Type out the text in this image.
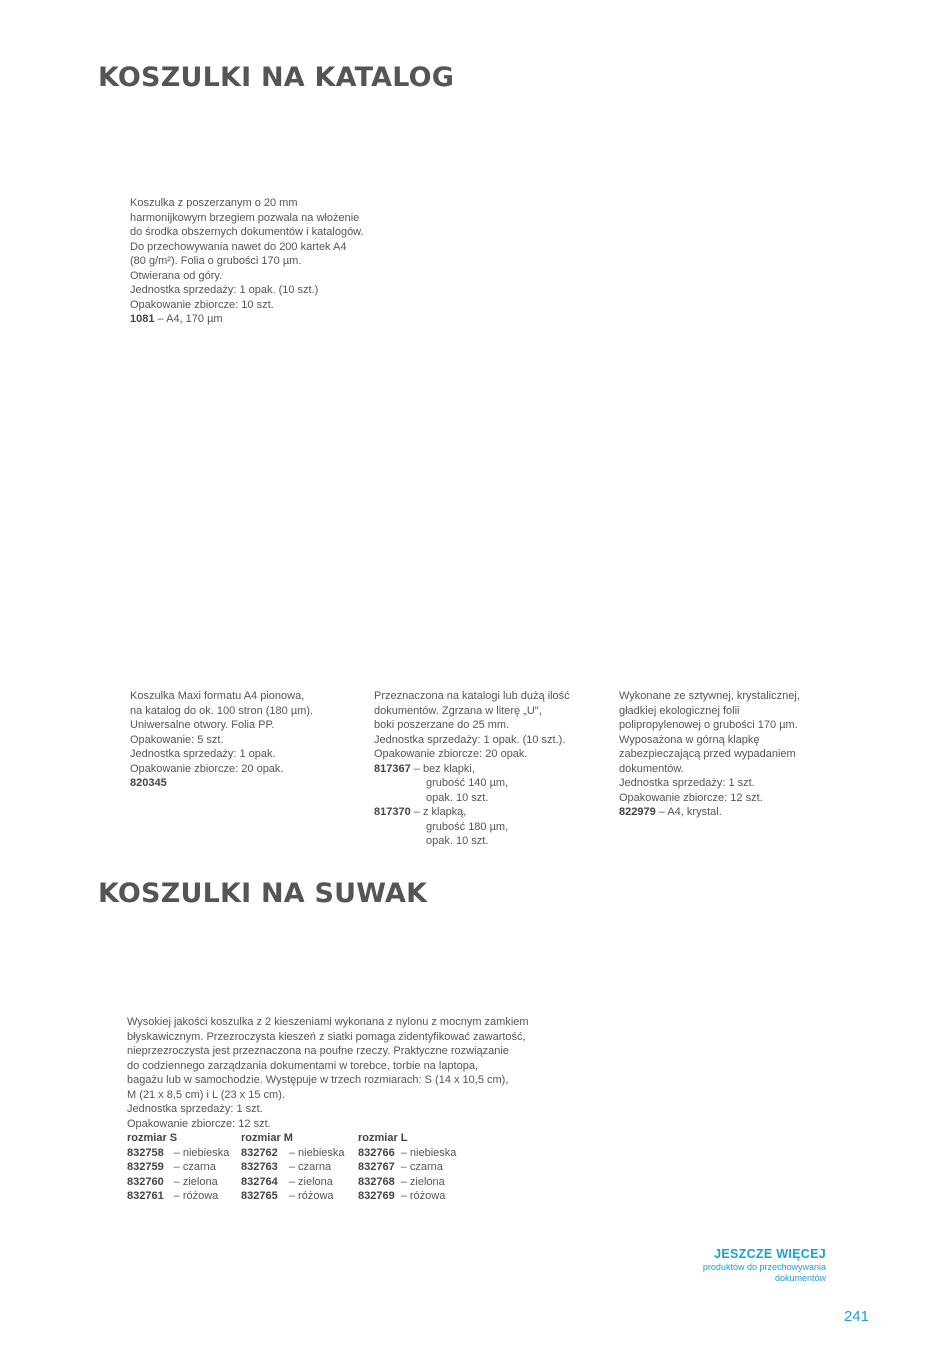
KOSZULKI NA KATALOG
Koszulka z poszerzanym o 20 mm
harmonijkowym brzegiem pozwala na włożenie
do środka obszernych dokumentów i katalogów.
Do przechowywania nawet do 200 kartek A4
(80 g/m²). Folia o grubości 170 µm.
Otwierana od góry.
Jednostka sprzedaży: 1 opak. (10 szt.)
Opakowanie zbiorcze: 10 szt.
1081 – A4, 170 µm
Koszulka Maxi formatu A4 pionowa,
na katalog do ok. 100 stron (180 µm).
Uniwersalne otwory. Folia PP.
Opakowanie: 5 szt.
Jednostka sprzedaży: 1 opak.
Opakowanie zbiorcze: 20 opak.
820345
Przeznaczona na katalogi lub dużą ilość
dokumentów. Zgrzana w literę „U",
boki poszerzane do 25 mm.
Jednostka sprzedaży: 1 opak. (10 szt.).
Opakowanie zbiorcze: 20 opak.
817367 – bez klapki,
grubość 140 µm,
opak. 10 szt.
817370 – z klapką,
grubość 180 µm,
opak. 10 szt.
Wykonane ze sztywnej, krystalicznej,
gładkiej ekologicznej folii
polipropylenowej o grubości 170 µm.
Wyposażona w górną klapkę
zabezpieczającą przed wypadaniem
dokumentów.
Jednostka sprzedaży: 1 szt.
Opakowanie zbiorcze: 12 szt.
822979 – A4, krystal.
KOSZULKI NA SUWAK
Wysokiej jakości koszulka z 2 kieszeniami wykonana z nylonu z mocnym zamkiem
błyskawicznym. Przezroczysta kieszeń z siatki pomaga zidentyfikować zawartość,
nieprzezroczysta jest przeznaczona na poufne rzeczy. Praktyczne rozwiązanie
do codziennego zarządzania dokumentami w torebce, torbie na laptopa,
bagażu lub w samochodzie. Występuje w trzech rozmiarach: S (14 x 10,5 cm),
M (21 x 8,5 cm) i L (23 x 15 cm).
Jednostka sprzedaży: 1 szt.
Opakowanie zbiorcze: 12 szt.
rozmiar S		rozmiar M		rozmiar L	
832758	– niebieska	832762	– niebieska	832766	– niebieska
832759	– czarna	832763	– czarna	832767	– czarna
832760	– zielona	832764	– zielona	832768	– zielona
832761	– różowa	832765	– różowa	832769	– różowa
JESZCZE WIĘCEJ
produktów do przechowywania
dokumentów
241
